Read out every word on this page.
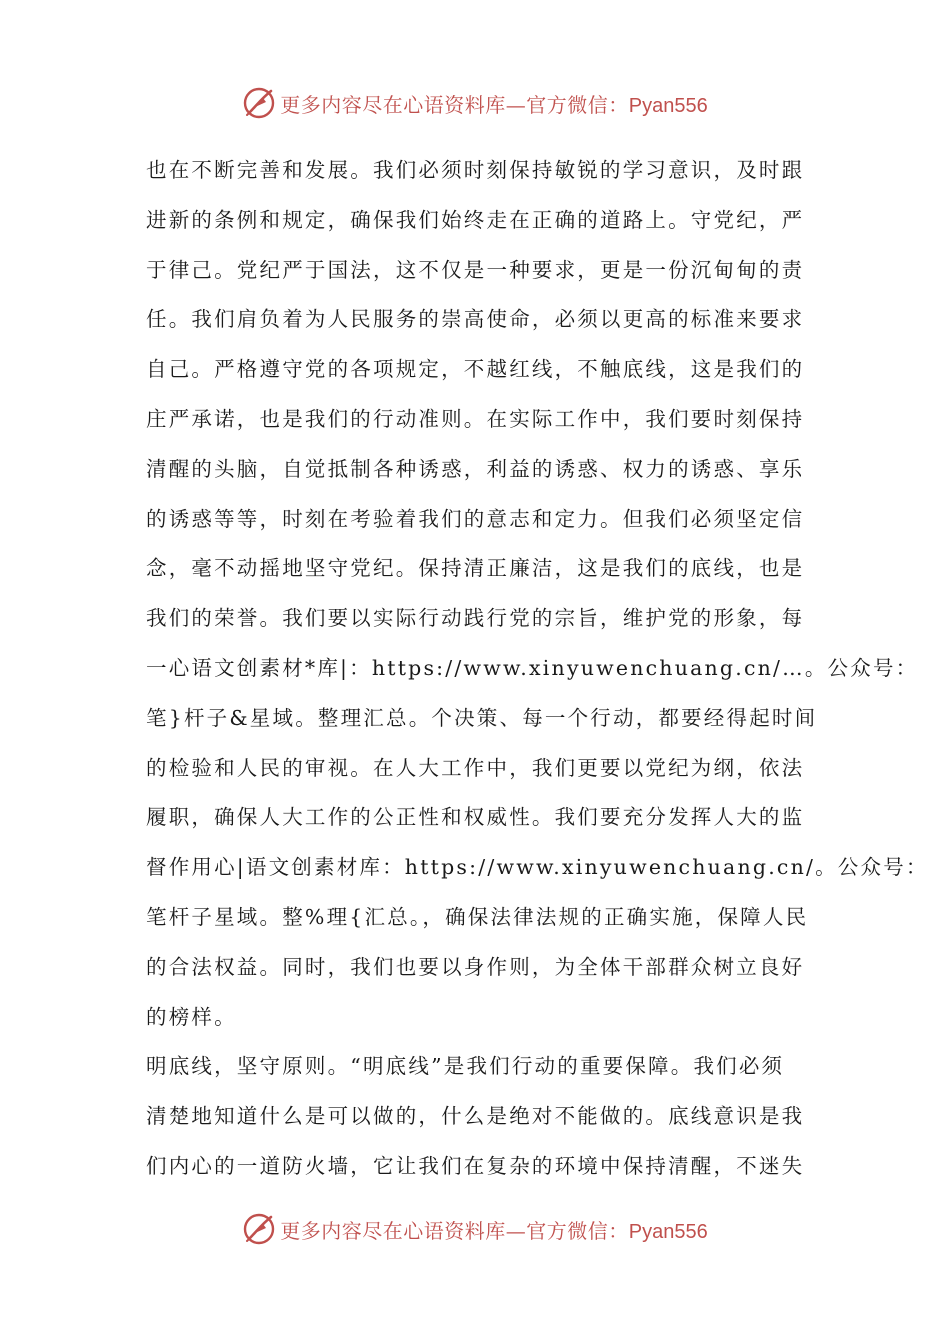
更多内容尽在心语资料库—官方微信：Pyan556
也在不断完善和发展。我们必须时刻保持敏锐的学习意识，及时跟
进新的条例和规定，确保我们始终走在正确的道路上。守党纪，严
于律己。党纪严于国法，这不仅是一种要求，更是一份沉甸甸的责
任。我们肩负着为人民服务的崇高使命，必须以更高的标准来要求
自己。严格遵守党的各项规定，不越红线，不触底线，这是我们的
庄严承诺，也是我们的行动准则。在实际工作中，我们要时刻保持
清醒的头脑，自觉抵制各种诱惑，利益的诱惑、权力的诱惑、享乐
的诱惑等等，时刻在考验着我们的意志和定力。但我们必须坚定信
念，毫不动摇地坚守党纪。保持清正廉洁，这是我们的底线，也是
我们的荣誉。我们要以实际行动践行党的宗旨，维护党的形象，每
一心语文创素材*库|：https://www.xinyuwenchuang.cn/…。公众号：
笔}杆子&星域。整理汇总。个决策、每一个行动，都要经得起时间
的检验和人民的审视。在人大工作中，我们更要以党纪为纲，依法
履职，确保人大工作的公正性和权威性。我们要充分发挥人大的监
督作用心|语文创素材库：https://www.xinyuwenchuang.cn/。公众号：
笔杆子星域。整%理{汇总。，确保法律法规的正确实施，保障人民
的合法权益。同时，我们也要以身作则，为全体干部群众树立良好
的榜样。
明底线，坚守原则。“明底线”是我们行动的重要保障。我们必须
清楚地知道什么是可以做的，什么是绝对不能做的。底线意识是我
们内心的一道防火墙，它让我们在复杂的环境中保持清醒，不迷失
更多内容尽在心语资料库—官方微信：Pyan556
